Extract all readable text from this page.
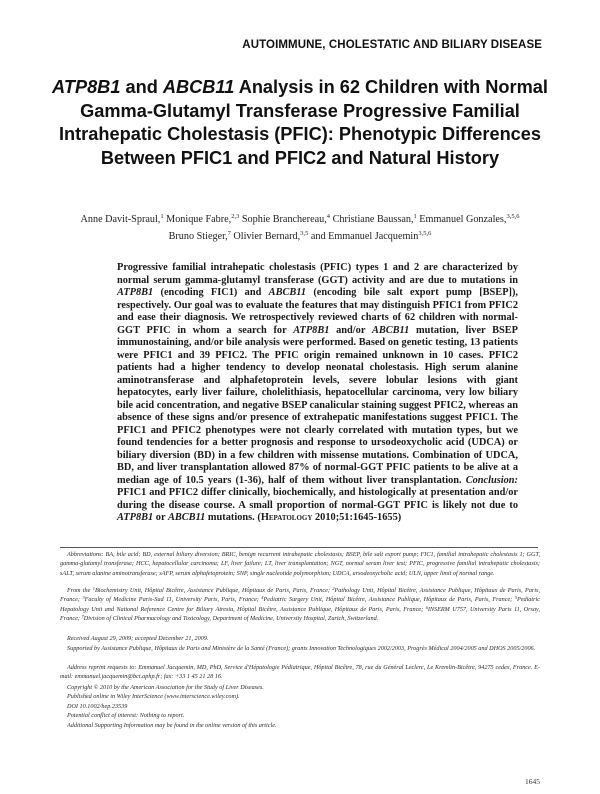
AUTOIMMUNE, CHOLESTATIC AND BILIARY DISEASE
ATP8B1 and ABCB11 Analysis in 62 Children with Normal Gamma-Glutamyl Transferase Progressive Familial Intrahepatic Cholestasis (PFIC): Phenotypic Differences Between PFIC1 and PFIC2 and Natural History
Anne Davit-Spraul,$^1$ Monique Fabre,$^{2,3}$ Sophie Branchereau,$^4$ Christiane Baussan,$^1$ Emmanuel Gonzales,$^{3,5,6}$
Bruno Stieger,$^7$ Olivier Bernard,$^{3,5}$ and Emmanuel Jacquemin$^{3,5,6}$
Progressive familial intrahepatic cholestasis (PFIC) types 1 and 2 are characterized by normal serum gamma-glutamyl transferase (GGT) activity and are due to mutations in ATP8B1 (encoding FIC1) and ABCB11 (encoding bile salt export pump [BSEP]), respectively. Our goal was to evaluate the features that may distinguish PFIC1 from PFIC2 and ease their diagnosis. We retrospectively reviewed charts of 62 children with normal-GGT PFIC in whom a search for ATP8B1 and/or ABCB11 mutation, liver BSEP immunostaining, and/or bile analysis were performed. Based on genetic testing, 13 patients were PFIC1 and 39 PFIC2. The PFIC origin remained unknown in 10 cases. PFIC2 patients had a higher tendency to develop neonatal cholestasis. High serum alanine aminotransferase and alphafetoprotein levels, severe lobular lesions with giant hepatocytes, early liver failure, cholelithiasis, hepatocellular carcinoma, very low biliary bile acid concentration, and negative BSEP canalicular staining suggest PFIC2, whereas an absence of these signs and/or presence of extrahepatic manifestations suggest PFIC1. The PFIC1 and PFIC2 phenotypes were not clearly correlated with mutation types, but we found tendencies for a better prognosis and response to ursodeoxycholic acid (UDCA) or biliary diversion (BD) in a few children with missense mutations. Combination of UDCA, BD, and liver transplantation allowed 87% of normal-GGT PFIC patients to be alive at a median age of 10.5 years (1-36), half of them without liver transplantation. Conclusion: PFIC1 and PFIC2 differ clinically, biochemically, and histologically at presentation and/or during the disease course. A small proportion of normal-GGT PFIC is likely not due to ATP8B1 or ABCB11 mutations. (Hepatology 2010;51:1645-1655)
Abbreviations: BA, bile acid; BD, external biliary diversion; BRIC, benign recurrent intrahepatic cholestasis; BSEP, bile salt export pump; FIC1, familial intrahepatic cholestasis 1; GGT, gamma-glutamyl transferase; HCC, hepatocellular carcinoma; LF, liver failure; LT, liver transplantation; NGT, normal serum liver test; PFIC, progressive familial intrahepatic cholestasis; sALT, serum alanine aminotransferase; sAFP, serum alphafetoprotein; SNP, single nucleotide polymorphism; UDCA, ursodeoxycholic acid; ULN, upper limit of normal range.
From the $^1$Biochemistry Unit, Hôpital Bicêtre, Assistance Publique, Hôpitaux de Paris, Paris, France; $^2$Pathology Unit, Hôpital Bicêtre, Assistance Publique, Hôpitaux de Paris, Paris, France; $^3$Faculty of Medicine Paris-Sud 11, University Paris, Paris, France; $^4$Pediatric Surgery Unit, Hôpital Bicêtre, Assistance Publique, Hôpitaux de Paris, Paris, France; $^5$Pediatric Hepatology Unit and National Reference Centre for Biliary Atresia, Hôpital Bicêtre, Assistance Publique, Hôpitaux de Paris, Paris, France; $^6$INSERM U757, University Paris 11, Orsay, France; $^7$Division of Clinical Pharmacology and Toxicology, Department of Medicine, University Hospital, Zurich, Switzerland.
Received August 29, 2009; accepted December 21, 2009.
Supported by Assistance Publique, Hôpitaux de Paris and Ministère de la Santé (France); grants Innovation Technologiques 2002/2003, Progrès Médical 2004/2005 and DHOS 2005/2006.
Address reprint requests to: Emmanuel Jacquemin, MD, PhD, Service d'Hépatologie Pédiatrique, Hôpital Bicêtre, 78, rue du Général Leclerc, Le Kremlin-Bicêtre, 94275 cedex, France. E-mail: emmanuel.jacquemin@bct.aphp.fr; fax: +33 1 45 21 28 16.
Copyright © 2010 by the American Association for the Study of Liver Diseases.
Published online in Wiley InterScience (www.interscience.wiley.com).
DOI 10.1002/hep.23539
Potential conflict of interest: Nothing to report.
Additional Supporting Information may be found in the online version of this article.
1645
